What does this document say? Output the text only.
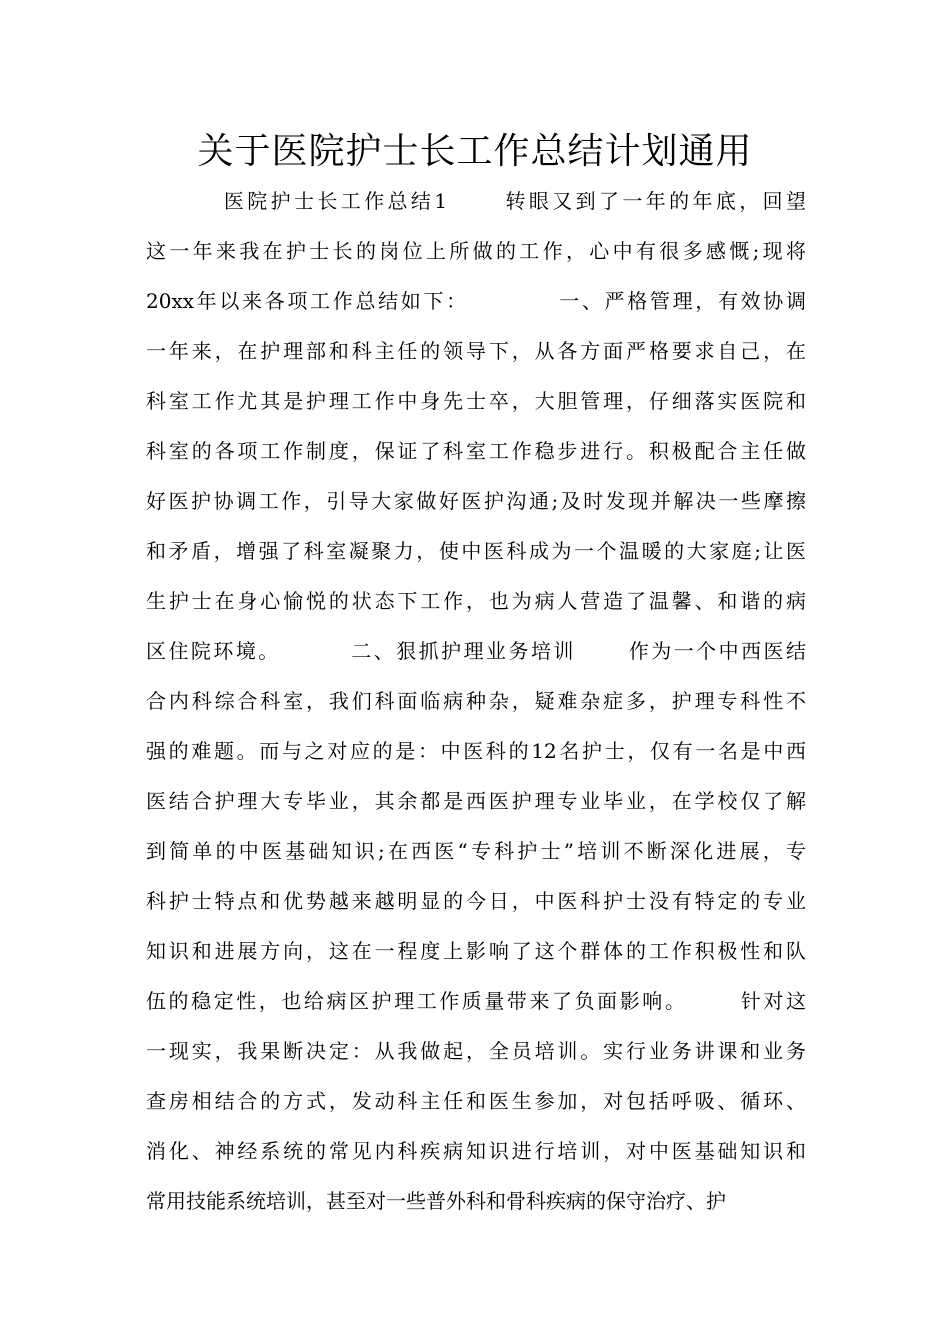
关于医院护士长工作总结计划通用
医院护士长工作总结1      转眼又到了一年的年底，回望
这一年来我在护士长的岗位上所做的工作，心中有很多感慨;现将
20xx年以来各项工作总结如下：          一、严格管理，有效协调
一年来，在护理部和科主任的领导下，从各方面严格要求自己，在
科室工作尤其是护理工作中身先士卒，大胆管理，仔细落实医院和
科室的各项工作制度，保证了科室工作稳步进行。积极配合主任做
好医护协调工作，引导大家做好医护沟通;及时发现并解决一些摩擦
和矛盾，增强了科室凝聚力，使中医科成为一个温暖的大家庭;让医
生护士在身心愉悦的状态下工作，也为病人营造了温馨、和谐的病
区住院环境。        二、狠抓护理业务培训      作为一个中西医结
合内科综合科室，我们科面临病种杂，疑难杂症多，护理专科性不
强的难题。而与之对应的是：中医科的12名护士，仅有一名是中西
医结合护理大专毕业，其余都是西医护理专业毕业，在学校仅了解
到简单的中医基础知识;在西医“专科护士”培训不断深化进展，专
科护士特点和优势越来越明显的今日，中医科护士没有特定的专业
知识和进展方向，这在一程度上影响了这个群体的工作积极性和队
伍的稳定性，也给病区护理工作质量带来了负面影响。      针对这
一现实，我果断决定：从我做起，全员培训。实行业务讲课和业务
查房相结合的方式，发动科主任和医生参加，对包括呼吸、循环、
消化、神经系统的常见内科疾病知识进行培训，对中医基础知识和
常用技能系统培训，甚至对一些普外科和骨科疾病的保守治疗、护
